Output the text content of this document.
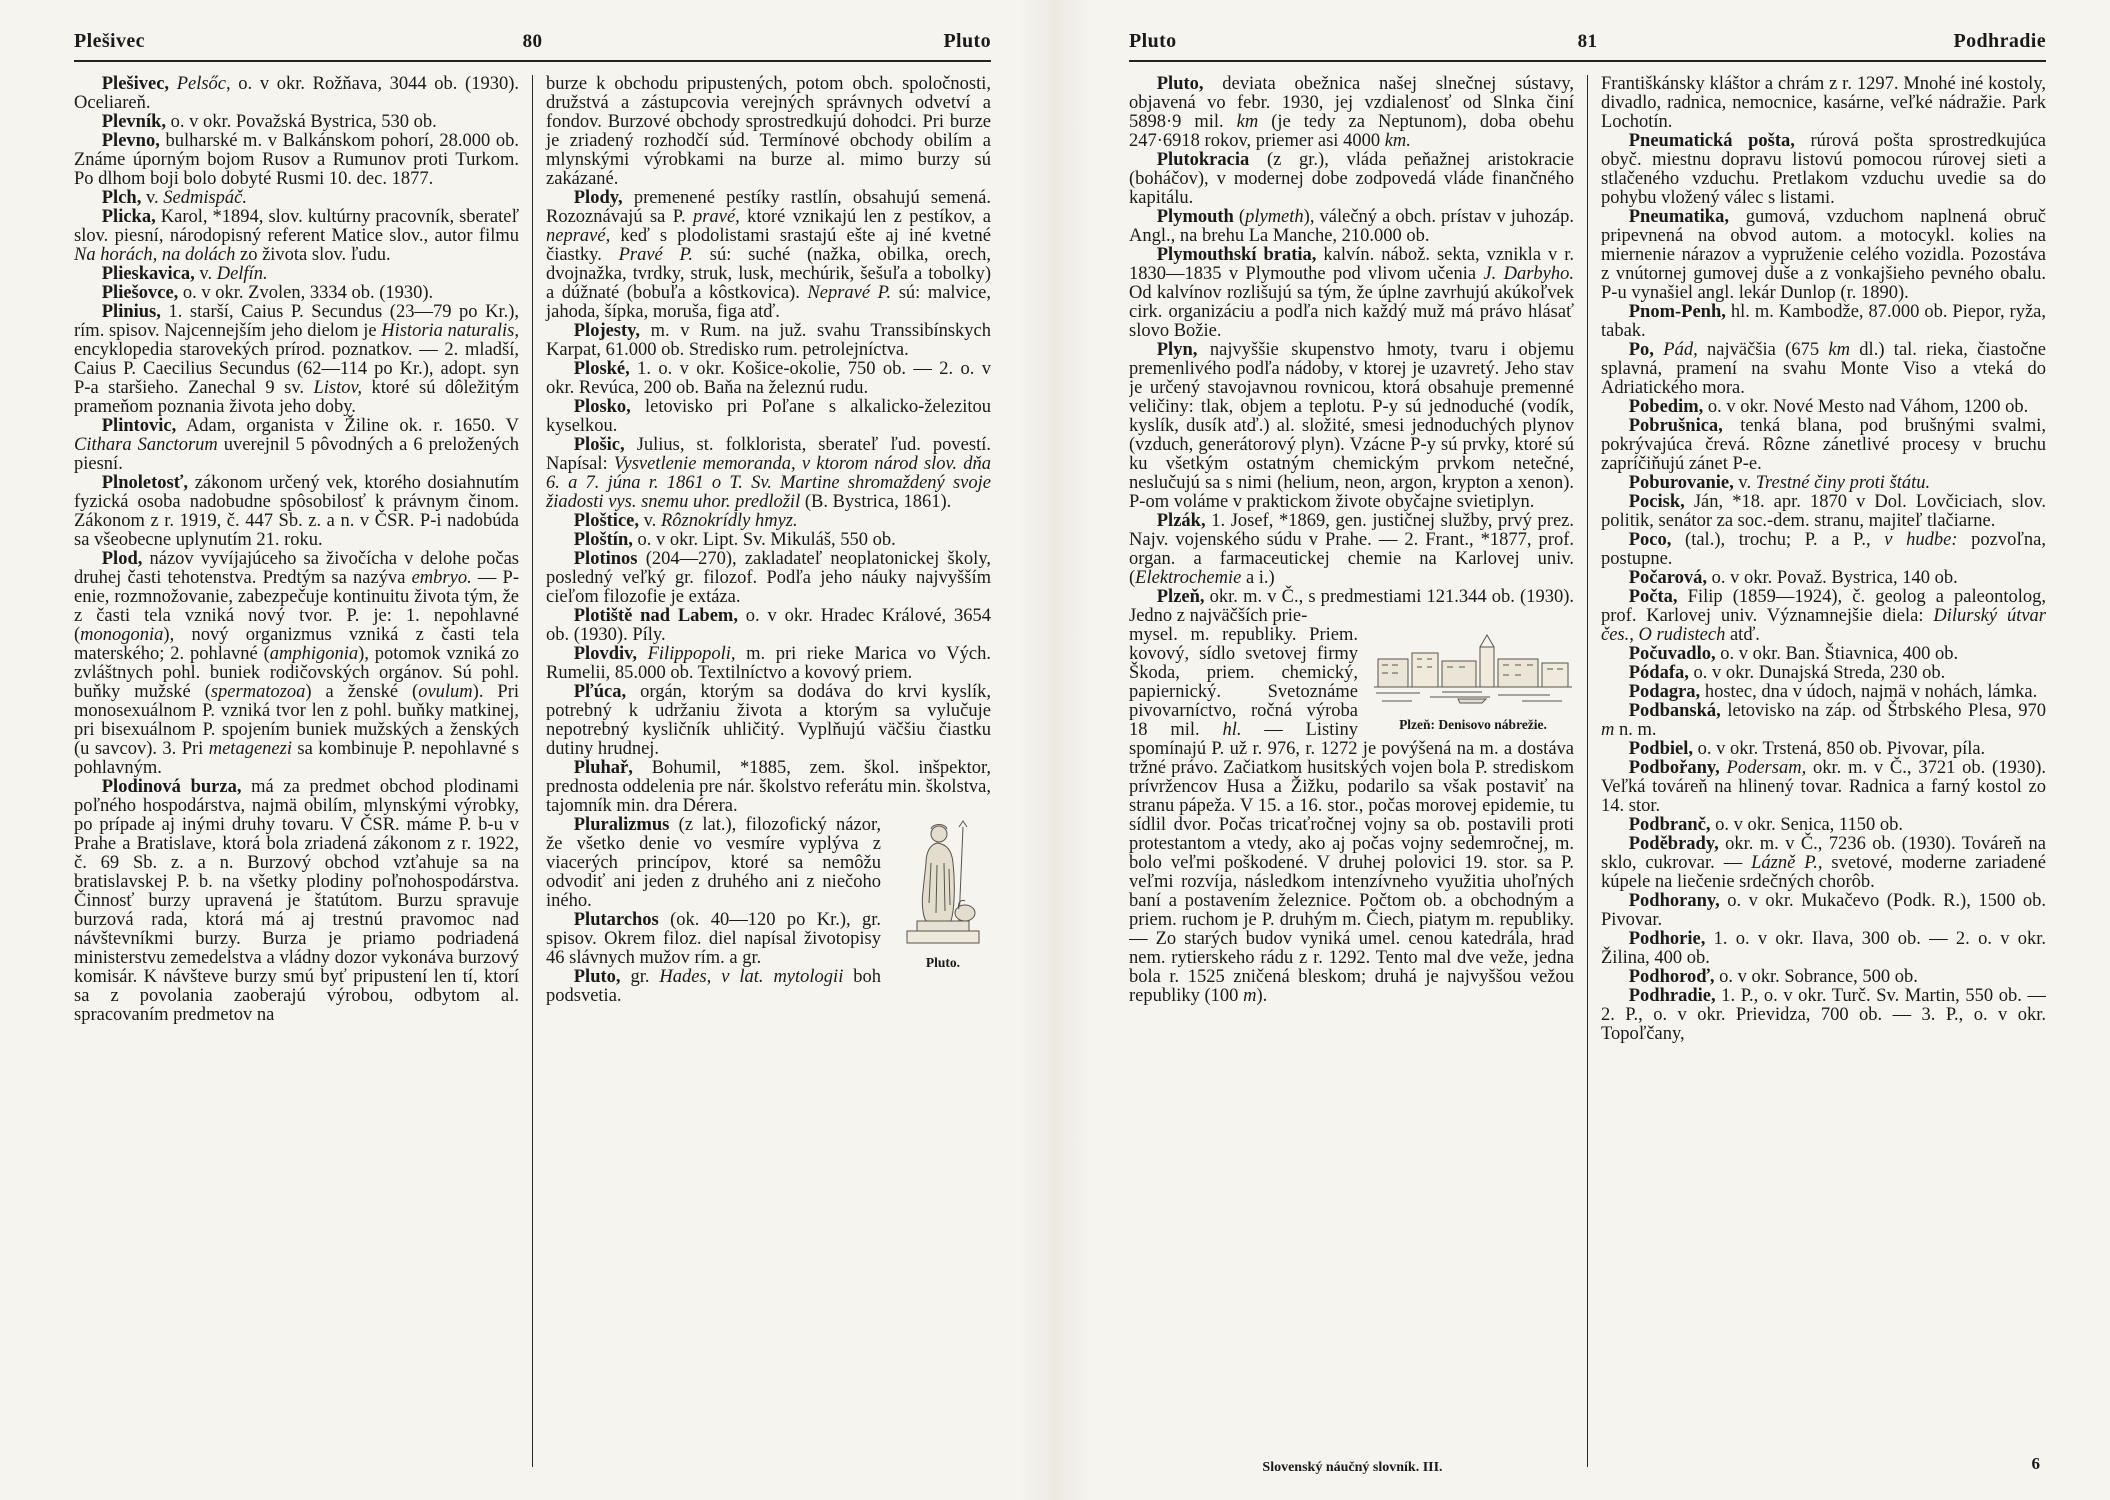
Plešivec	80	Pluto

Plešivec, Pelsőc, o. v okr. Rožňava, 3044 ob. (1930). Oceliareň.

Plevník, o. v okr. Považská Bystrica, 530 ob.

Plevno, bulharské m. v Balkánskom pohorí, 28.000 ob. Známe úporným bojom Rusov a Rumunov proti Turkom. Po dlhom boji bolo dobyté Rusmi 10. dec. 1877.

Plch, v. Sedmispáč.

Plicka, Karol, *1894, slov. kultúrny pracovník, sberateľ slov. piesní, národopisný referent Matice slov., autor filmu Na horách, na dolách zo života slov. ľudu.

Plieskavica, v. Delfín.

Pliešovce, o. v okr. Zvolen, 3334 ob. (1930).

Plinius, 1. starší, Caius P. Secundus (23—79 po Kr.), rím. spisov. Najcennejším jeho dielom je Historia naturalis, encyklopedia starovekých prírod. poznatkov. — 2. mladší, Caius P. Caecilius Secundus (62—114 po Kr.), adopt. syn P-a staršieho. Zanechal 9 sv. Listov, ktoré sú dôležitým prameňom poznania života jeho doby.

Plintovic, Adam, organista v Žiline ok. r. 1650. V Cithara Sanctorum uverejnil 5 pôvodných a 6 preložených piesní.

Plnoletosť, zákonom určený vek, ktorého dosiahnutím fyzická osoba nadobudne spôsobilosť k právnym činom. Zákonom z r. 1919, č. 447 Sb. z. a n. v ČSR. P-i nadobúda sa všeobecne uplynutím 21. roku.

Plod, názov vyvíjajúceho sa živočícha v delohe počas druhej časti tehotenstva. Predtým sa nazýva embryo. — P-enie, rozmnožovanie, zabezpečuje kontinuitu života tým, že z časti tela vzniká nový tvor. P. je: 1. nepohlavné (monogonia), nový organizmus vzniká z časti tela materského; 2. pohlavné (amphigonia), potomok vzniká zo zvláštnych pohl. buniek rodičovských orgánov. Sú pohl. buňky mužské (spermatozoa) a ženské (ovulum). Pri monosexuálnom P. vzniká tvor len z pohl. buňky matkinej, pri bisexuálnom P. spojením buniek mužských a ženských (u savcov). 3. Pri metagenezi sa kombinuje P. nepohlavné s pohlavným.

Plodinová burza, má za predmet obchod plodinami poľného hospodárstva, najmä obilím, mlynskými výrobky, po prípade aj inými druhy tovaru. V ČSR. máme P. b-u v Prahe a Bratislave, ktorá bola zriadená zákonom z r. 1922, č. 69 Sb. z. a n. Burzový obchod vzťahuje sa na bratislavskej P. b. na všetky plodiny poľnohospodárstva. Činnosť burzy upravená je štatútom. Burzu spravuje burzová rada, ktorá má aj trestnú pravomoc nad návštevníkmi burzy. Burza je priamo podriadená ministerstvu zemedelstva a vládny dozor vykonáva burzový komisár. K návšteve burzy smú byť pripustení len tí, ktorí sa z povolania zaoberajú výrobou, odbytom al. spracovaním predmetov na

burze k obchodu pripustených, potom obch. spoločnosti, družstvá a zástupcovia verejných správnych odvetví a fondov. Burzové obchody sprostredkujú dohodci. Pri burze je zriadený rozhodčí súd. Termínové obchody obilím a mlynskými výrobkami na burze al. mimo burzy sú zakázané.

Plody, premenené pestíky rastlín, obsahujú semená. Rozoznávajú sa P. pravé, ktoré vznikajú len z pestíkov, a nepravé, keď s plodolistami srastajú ešte aj iné kvetné čiastky. Pravé P. sú: suché (nažka, obilka, orech, dvojnažka, tvrdky, struk, lusk, mechúrik, šešuľa a tobolky) a dúžnaté (bobuľa a kôstkovica). Nepravé P. sú: malvice, jahoda, šípka, moruša, figa atď.

Plojesty, m. v Rum. na juž. svahu Transsibínskych Karpat, 61.000 ob. Stredisko rum. petrolejníctva.

Ploské, 1. o. v okr. Košice-okolie, 750 ob. — 2. o. v okr. Revúca, 200 ob. Baňa na železnú rudu.

Plosko, letovisko pri Poľane s alkalicko-železitou kyselkou.

Plošic, Julius, st. folklorista, sberateľ ľud. povestí. Napísal: Vysvetlenie memoranda, v ktorom národ slov. dňa 6. a 7. júna r. 1861 o T. Sv. Martine shromaždený svoje žiadosti vys. snemu uhor. predložil (B. Bystrica, 1861).

Ploštice, v. Rôznokrídly hmyz.

Ploštín, o. v okr. Lipt. Sv. Mikuláš, 550 ob.

Plotinos (204—270), zakladateľ neoplatonickej školy, posledný veľký gr. filozof. Podľa jeho náuky najvyšším cieľom filozofie je extáza.

Plotiště nad Labem, o. v okr. Hradec Králové, 3654 ob. (1930). Píly.

Plovdiv, Filippopoli, m. pri rieke Marica vo Vých. Rumelii, 85.000 ob. Textilníctvo a kovový priem.

Pľúca, orgán, ktorým sa dodáva do krvi kyslík, potrebný k udržaniu života a ktorým sa vylučuje nepotrebný kysličník uhličitý. Vyplňujú väčšiu čiastku dutiny hrudnej.

Pluhař, Bohumil, *1885, zem. škol. inšpektor, prednosta oddelenia pre nár. školstvo referátu min. školstva, tajomník min. dra Dérera.

Pluto.
Pluralizmus (z lat.), filozofický názor, že všetko denie vo vesmíre vyplýva z viacerých princípov, ktoré sa nemôžu odvodiť ani jeden z druhého ani z niečoho iného.

Plutarchos (ok. 40—120 po Kr.), gr. spisov. Okrem filoz. diel napísal životopisy 46 slávnych mužov rím. a gr.

Pluto, gr. Hades, v lat. mytologii boh podsvetia.

Pluto	81	Podhradie

Pluto, deviata obežnica našej slnečnej sústavy, objavená vo febr. 1930, jej vzdialenosť od Slnka činí 5898·9 mil. km (je tedy za Neptunom), doba obehu 247·6918 rokov, priemer asi 4000 km.

Plutokracia (z gr.), vláda peňažnej aristokracie (boháčov), v modernej dobe zodpovedá vláde finančného kapitálu.

Plymouth (plymeth), válečný a obch. prístav v juhozáp. Angl., na brehu La Manche, 210.000 ob.

Plymouthskí bratia, kalvín. nábož. sekta, vznikla v r. 1830—1835 v Plymouthe pod vlivom učenia J. Darbyho. Od kalvínov rozlišujú sa tým, že úplne zavrhujú akúkoľvek cirk. organizáciu a podľa nich každý muž má právo hlásať slovo Božie.

Plyn, najvyššie skupenstvo hmoty, tvaru i objemu premenlivého podľa nádoby, v ktorej je uzavretý. Jeho stav je určený stavojavnou rovnicou, ktorá obsahuje premenné veličiny: tlak, objem a teplotu. P-y sú jednoduché (vodík, kyslík, dusík atď.) al. složité, smesi jednoduchých plynov (vzduch, generátorový plyn). Vzácne P-y sú prvky, ktoré sú ku všetkým ostatným chemickým prvkom netečné, neslučujú sa s nimi (helium, neon, argon, krypton a xenon). P-om voláme v praktickom živote obyčajne svietiplyn.

Plzák, 1. Josef, *1869, gen. justičnej služby, prvý prez. Najv. vojenského súdu v Prahe. — 2. Frant., *1877, prof. organ. a farmaceutickej chemie na Karlovej univ. (Elektrochemie a i.)

Plzeň, okr. m. v Č., s predmestiami 121.344 ob. (1930). Jedno z najväčších prie-

Plzeň: Denisovo nábrežie.
mysel. m. republiky. Priem. kovový, sídlo svetovej firmy Škoda, priem. chemický, papiernický. Svetoznáme pivovarníctvo, ročná výroba 18 mil. hl. — Listiny spomínajú P. už r. 976, r. 1272 je povýšená na m. a dostáva tržné právo. Začiatkom husitských vojen bola P. strediskom prívržencov Husa a Žižku, podarilo sa však postaviť na stranu pápeža. V 15. a 16. stor., počas morovej epidemie, tu sídlil dvor. Počas tricaťročnej vojny sa ob. postavili proti protestantom a vtedy, ako aj počas vojny sedemročnej, m. bolo veľmi poškodené. V druhej polovici 19. stor. sa P. veľmi rozvíja, následkom intenzívneho využitia uhoľných baní a postavením železnice. Počtom ob. a obchodným a priem. ruchom je P. druhým m. Čiech, piatym m. republiky. — Zo starých budov vyniká umel. cenou katedrála, hrad nem. rytierskeho rádu z r. 1292. Tento mal dve veže, jedna bola r. 1525 zničená bleskom; druhá je najvyššou vežou republiky (100 m).

Františkánsky kláštor a chrám z r. 1297. Mnohé iné kostoly, divadlo, radnica, nemocnice, kasárne, veľké nádražie. Park Lochotín.

Pneumatická pošta, rúrová pošta sprostredkujúca obyč. miestnu dopravu listovú pomocou rúrovej sieti a stlačeného vzduchu. Pretlakom vzduchu uvedie sa do pohybu vložený válec s listami.

Pneumatika, gumová, vzduchom naplnená obruč pripevnená na obvod autom. a motocykl. kolies na miernenie nárazov a vypruženie celého vozidla. Pozostáva z vnútornej gumovej duše a z vonkajšieho pevného obalu. P-u vynašiel angl. lekár Dunlop (r. 1890).

Pnom-Penh, hl. m. Kambodže, 87.000 ob. Piepor, ryža, tabak.

Po, Pád, najväčšia (675 km dl.) tal. rieka, čiastočne splavná, pramení na svahu Monte Viso a vteká do Adriatického mora.

Pobedim, o. v okr. Nové Mesto nad Váhom, 1200 ob.

Pobrušnica, tenká blana, pod brušnými svalmi, pokrývajúca črevá. Rôzne zánetlivé procesy v bruchu zapríčiňujú zánet P-e.

Poburovanie, v. Trestné činy proti štátu.

Pocisk, Ján, *18. apr. 1870 v Dol. Lovčiciach, slov. politik, senátor za soc.-dem. stranu, majiteľ tlačiarne.

Poco, (tal.), trochu; P. a P., v hudbe: pozvoľna, postupne.

Počarová, o. v okr. Považ. Bystrica, 140 ob.

Počta, Filip (1859—1924), č. geolog a paleontolog, prof. Karlovej univ. Významnejšie diela: Dilurský útvar čes., O rudistech atď.

Počuvadlo, o. v okr. Ban. Štiavnica, 400 ob.

Pódafa, o. v okr. Dunajská Streda, 230 ob.

Podagra, hostec, dna v údoch, najmä v nohách, lámka.

Podbanská, letovisko na záp. od Štrbského Plesa, 970 m n. m.

Podbiel, o. v okr. Trstená, 850 ob. Pivovar, píla.

Podbořany, Podersam, okr. m. v Č., 3721 ob. (1930). Veľká továreň na hlinený tovar. Radnica a farný kostol zo 14. stor.

Podbranč, o. v okr. Senica, 1150 ob.

Poděbrady, okr. m. v Č., 7236 ob. (1930). Továreň na sklo, cukrovar. — Lázně P., svetové, moderne zariadené kúpele na liečenie srdečných chorôb.

Podhorany, o. v okr. Mukačevo (Podk. R.), 1500 ob. Pivovar.

Podhorie, 1. o. v okr. Ilava, 300 ob. — 2. o. v okr. Žilina, 400 ob.

Podhoroď, o. v okr. Sobrance, 500 ob.

Podhradie, 1. P., o. v okr. Turč. Sv. Martin, 550 ob. — 2. P., o. v okr. Prievidza, 700 ob. — 3. P., o. v okr. Topoľčany,

Slovenský náučný slovník. III.	6
